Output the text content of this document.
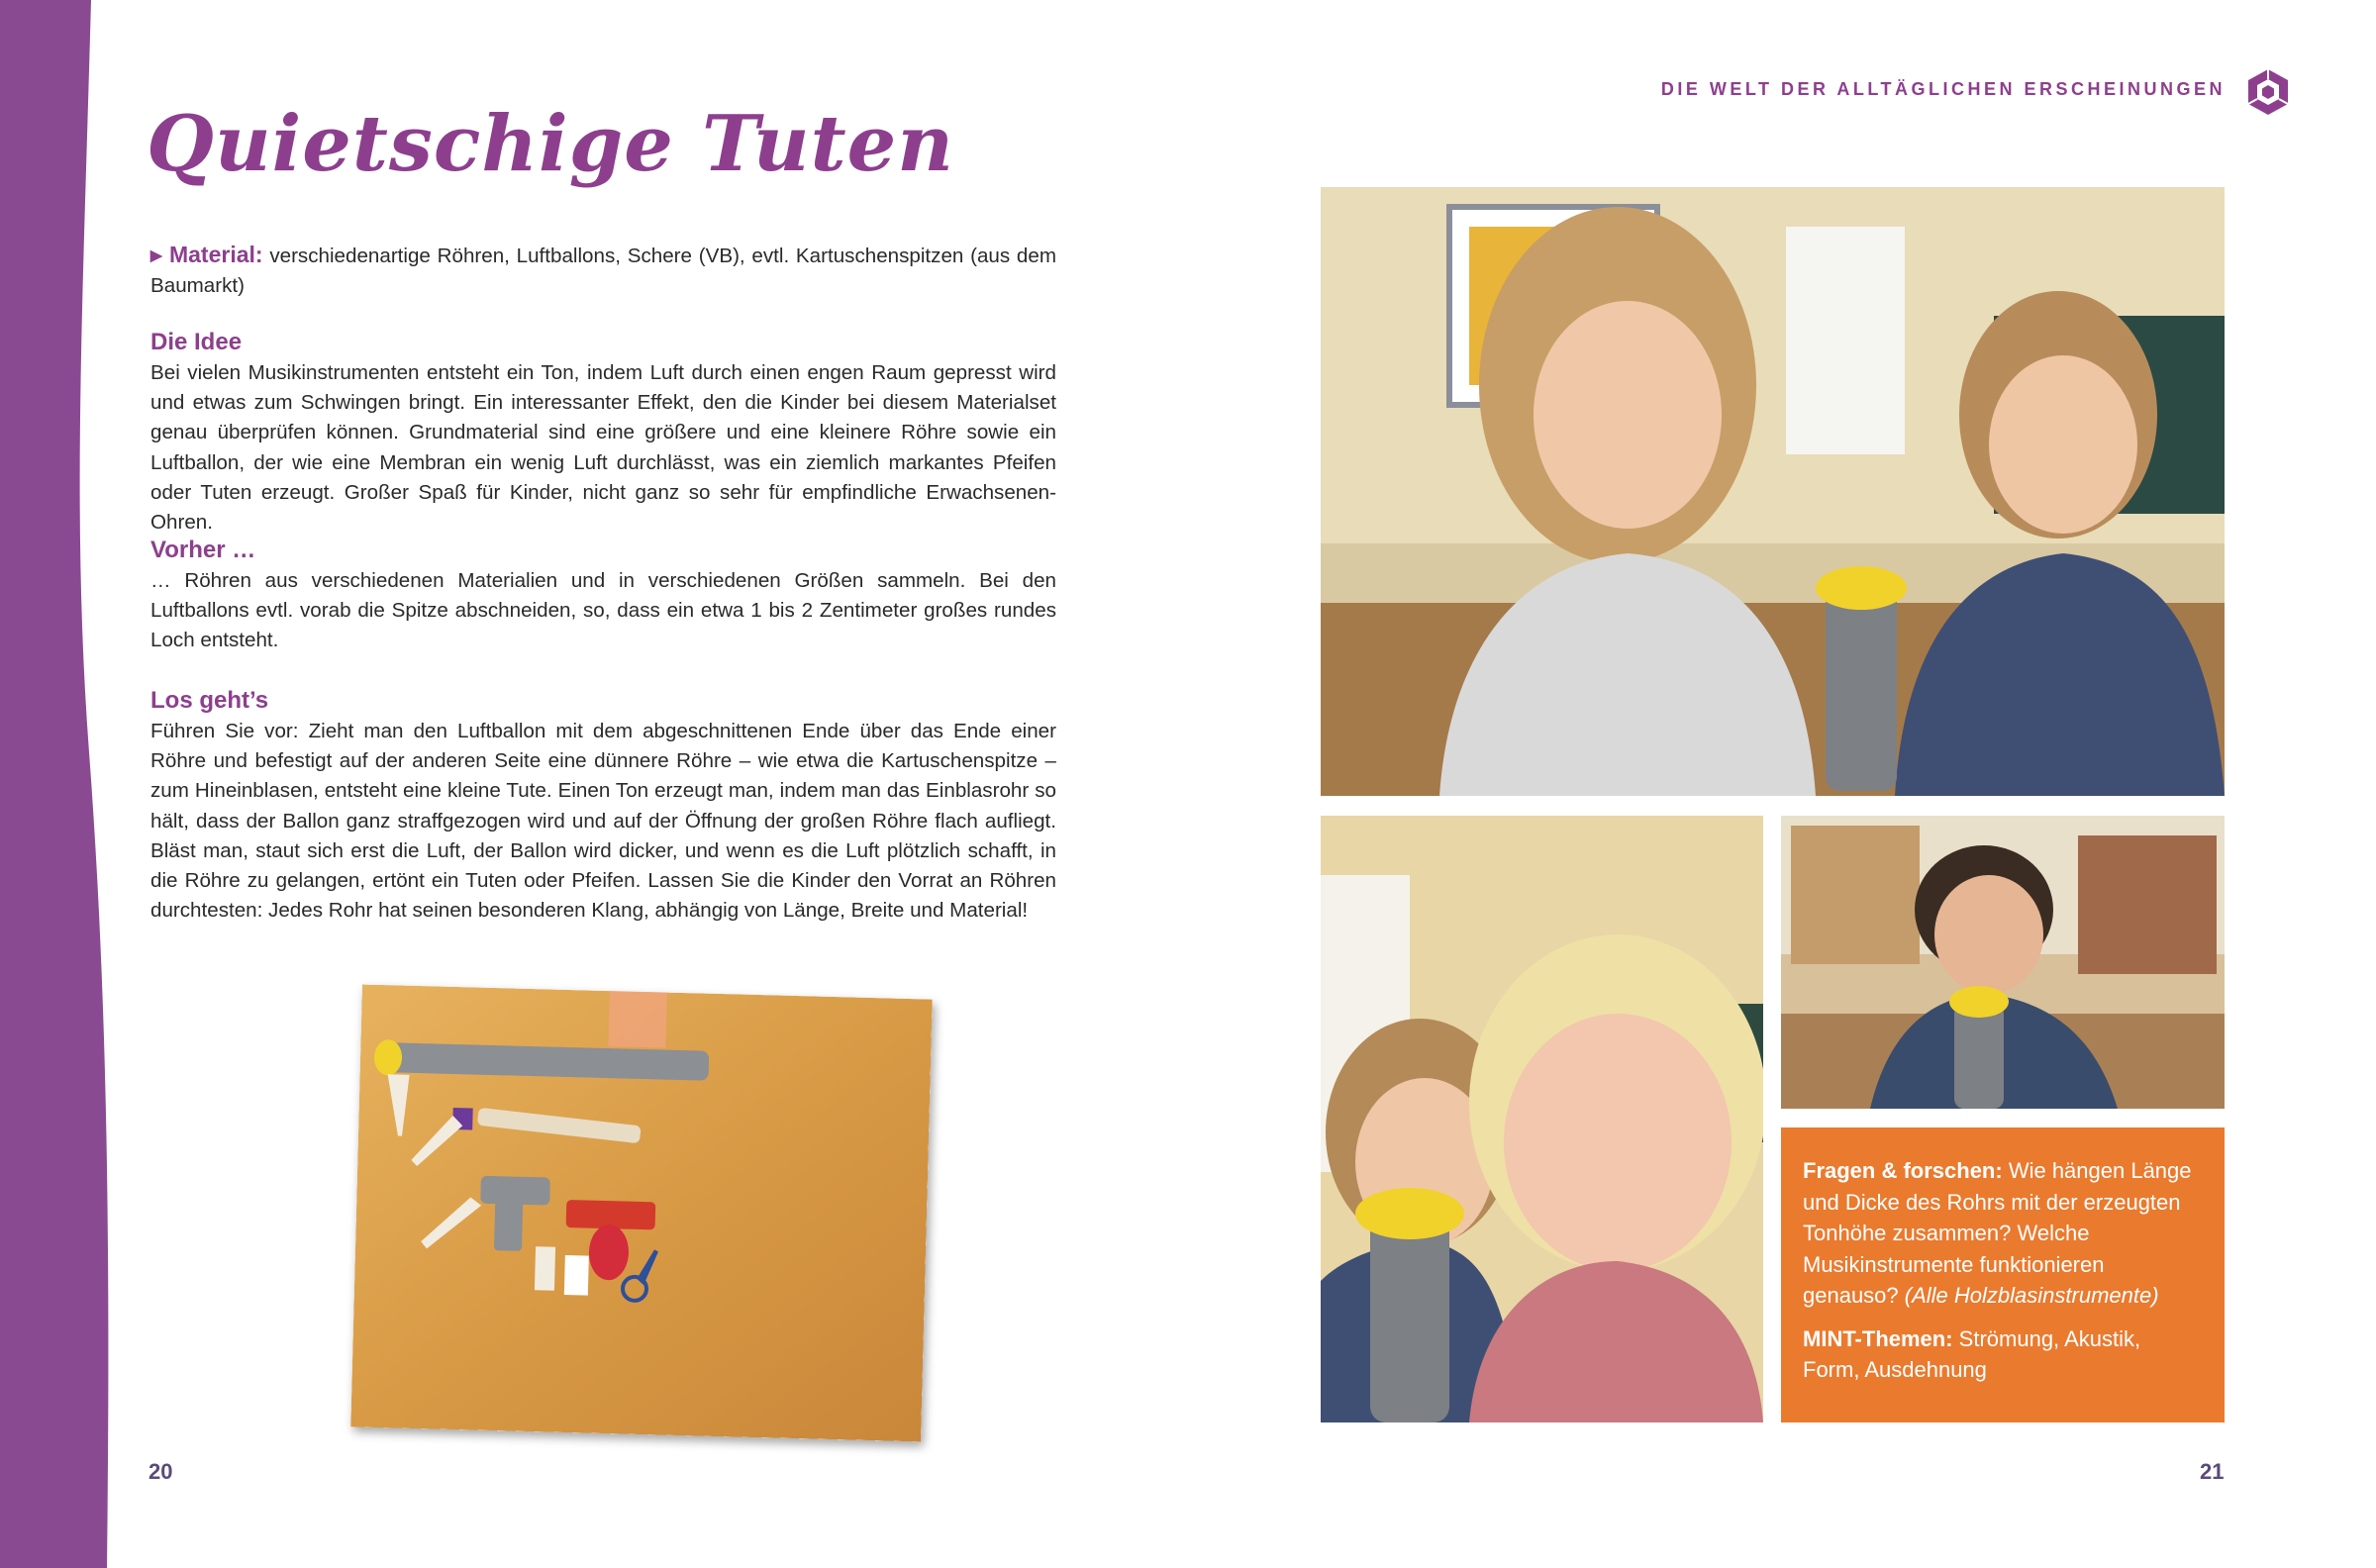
DIE WELT DER ALLTÄGLICHEN ERSCHEINUNGEN
Quietschige Tuten
▸ Material: verschiedenartige Röhren, Luftballons, Schere (VB), evtl. Kartuschenspitzen (aus dem Baumarkt)
Die Idee
Bei vielen Musikinstrumenten entsteht ein Ton, indem Luft durch einen engen Raum gepresst wird und etwas zum Schwingen bringt. Ein interessanter Effekt, den die Kinder bei diesem Materialset genau überprüfen können. Grundmaterial sind eine größere und eine kleinere Röhre sowie ein Luftballon, der wie eine Membran ein wenig Luft durchlässt, was ein ziemlich markantes Pfeifen oder Tuten erzeugt. Großer Spaß für Kinder, nicht ganz so sehr für empfindliche Erwachsenen-Ohren.
Vorher …
… Röhren aus verschiedenen Materialien und in verschiedenen Größen sammeln. Bei den Luftballons evtl. vorab die Spitze abschneiden, so, dass ein etwa 1 bis 2 Zentimeter großes rundes Loch entsteht.
Los geht’s
Führen Sie vor: Zieht man den Luftballon mit dem abgeschnittenen Ende über das Ende einer Röhre und befestigt auf der anderen Seite eine dünnere Röhre – wie etwa die Kartuschenspitze – zum Hineinblasen, entsteht eine kleine Tute. Einen Ton erzeugt man, indem man das Einblasrohr so hält, dass der Ballon ganz straffgezogen wird und auf der Öffnung der großen Röhre flach aufliegt. Bläst man, staut sich erst die Luft, der Ballon wird dicker, und wenn es die Luft plötzlich schafft, in die Röhre zu gelangen, ertönt ein Tuten oder Pfeifen. Lassen Sie die Kinder den Vorrat an Röhren durchtesten: Jedes Rohr hat seinen besonderen Klang, abhängig von Länge, Breite und Material!
Fragen & forschen: Wie hängen Länge und Dicke des Rohrs mit der erzeugten Tonhöhe zusammen? Welche Musikinstrumente funktionieren genauso? (Alle Holzblasinstrumente)
MINT-Themen: Strömung, Akustik, Form, Ausdehnung
20	21
